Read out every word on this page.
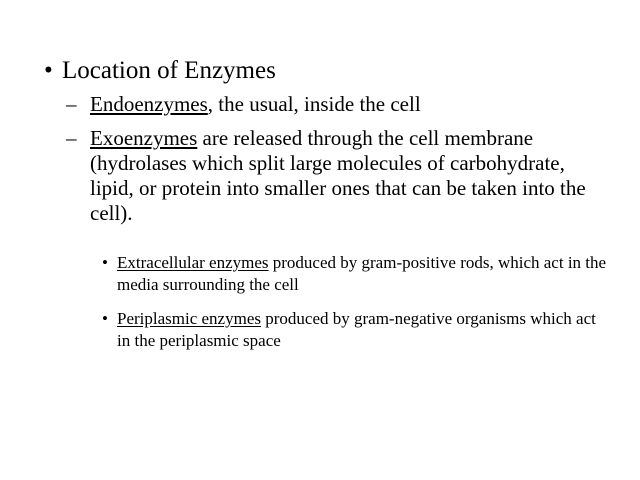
• Location of Enzymes
– Endoenzymes, the usual, inside the cell
– Exoenzymes are released through the cell membrane (hydrolases which split large molecules of carbohydrate, lipid, or protein into smaller ones that can be taken into the cell).
• Extracellular enzymes produced by gram-positive rods, which act in the media surrounding the cell
• Periplasmic enzymes produced by gram-negative organisms which act in the periplasmic space
